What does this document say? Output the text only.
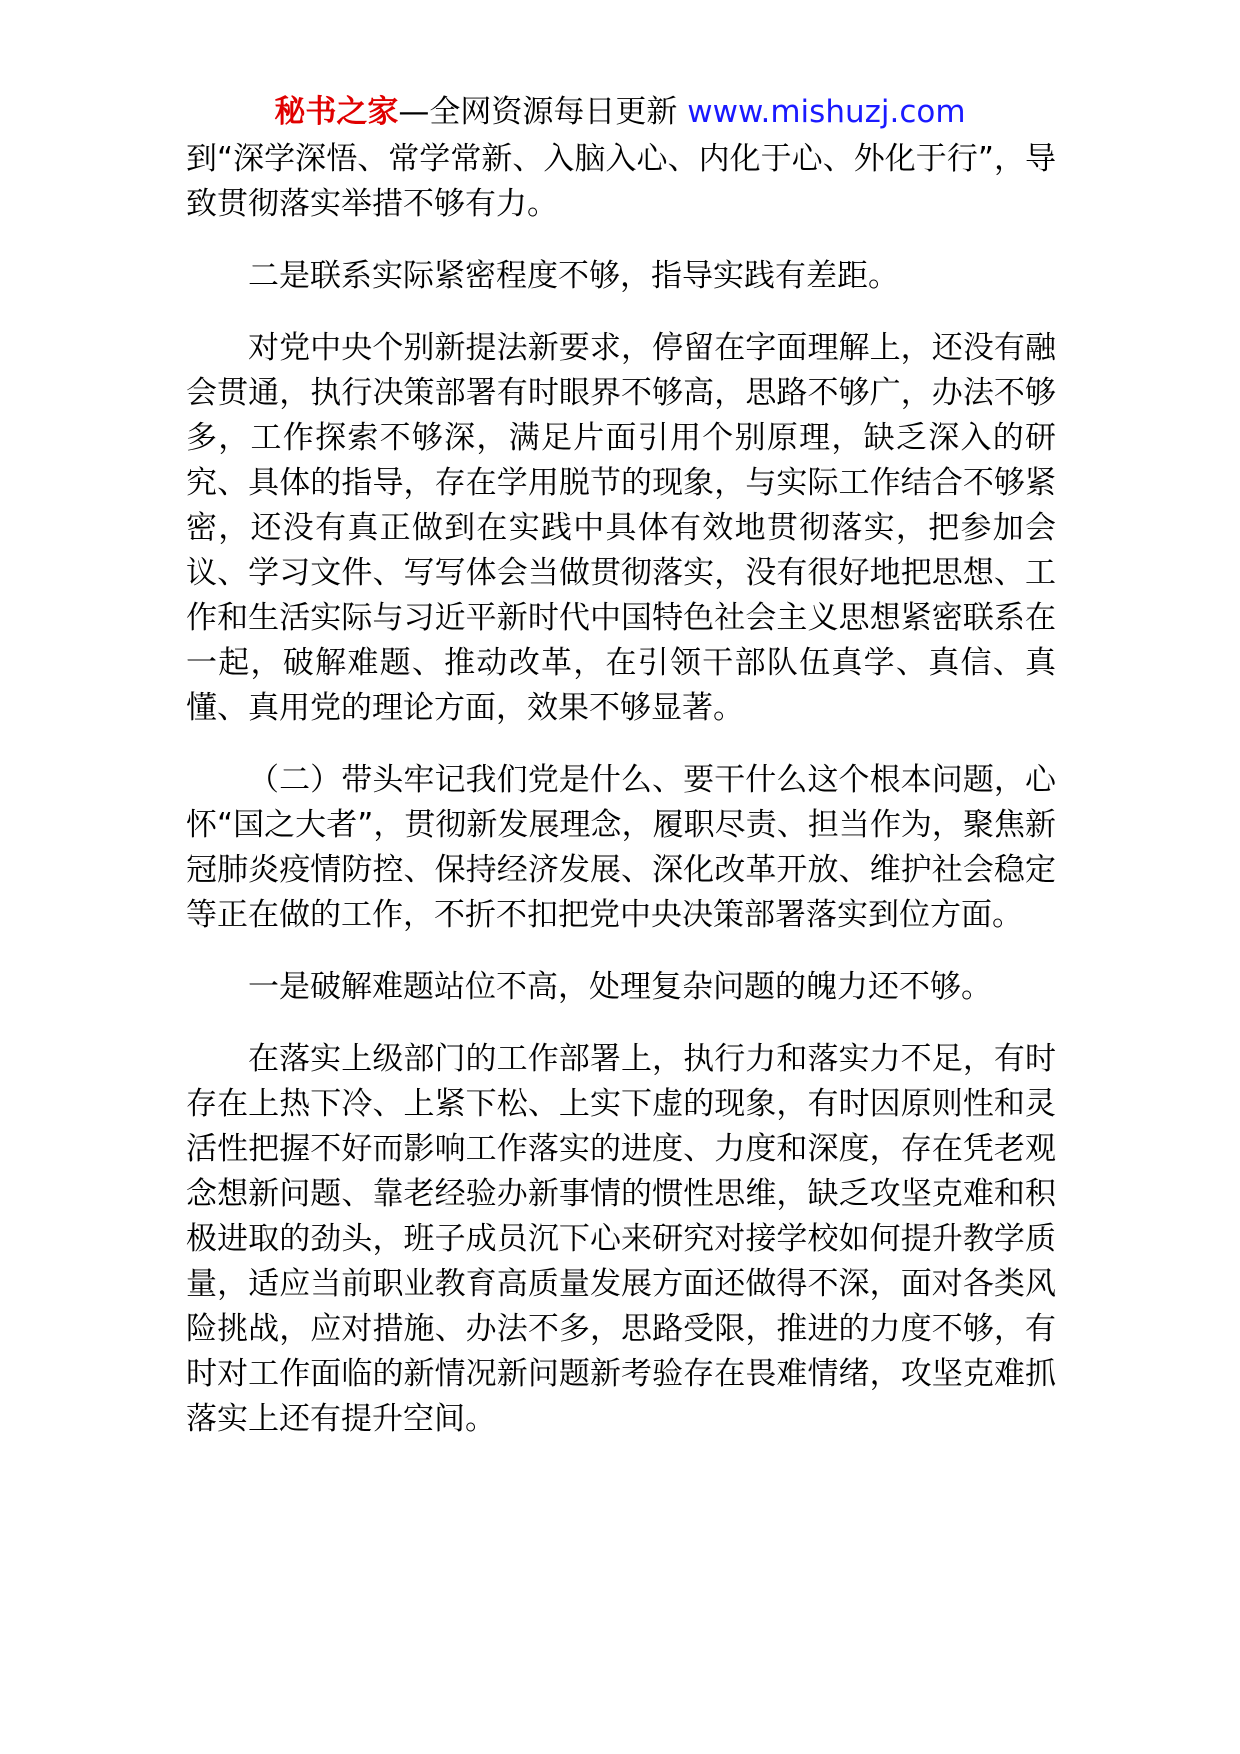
秘书之家—全网资源每日更新 www.mishuzj.com

到“深学深悟、常学常新、入脑入心、内化于心、外化于行”，导致贯彻落实举措不够有力。

二是联系实际紧密程度不够，指导实践有差距。

对党中央个别新提法新要求，停留在字面理解上，还没有融会贯通，执行决策部署有时眼界不够高，思路不够广，办法不够多，工作探索不够深，满足片面引用个别原理，缺乏深入的研究、具体的指导，存在学用脱节的现象，与实际工作结合不够紧密，还没有真正做到在实践中具体有效地贯彻落实，把参加会议、学习文件、写写体会当做贯彻落实，没有很好地把思想、工作和生活实际与习近平新时代中国特色社会主义思想紧密联系在一起，破解难题、推动改革，在引领干部队伍真学、真信、真懂、真用党的理论方面，效果不够显著。

（二）带头牢记我们党是什么、要干什么这个根本问题，心怀“国之大者”，贯彻新发展理念，履职尽责、担当作为，聚焦新冠肺炎疫情防控、保持经济发展、深化改革开放、维护社会稳定等正在做的工作，不折不扣把党中央决策部署落实到位方面。

一是破解难题站位不高，处理复杂问题的魄力还不够。

在落实上级部门的工作部署上，执行力和落实力不足，有时存在上热下冷、上紧下松、上实下虚的现象，有时因原则性和灵活性把握不好而影响工作落实的进度、力度和深度，存在凭老观念想新问题、靠老经验办新事情的惯性思维，缺乏攻坚克难和积极进取的劲头，班子成员沉下心来研究对接学校如何提升教学质量，适应当前职业教育高质量发展方面还做得不深，面对各类风险挑战，应对措施、办法不多，思路受限，推进的力度不够，有时对工作面临的新情况新问题新考验存在畏难情绪，攻坚克难抓落实上还有提升空间。
